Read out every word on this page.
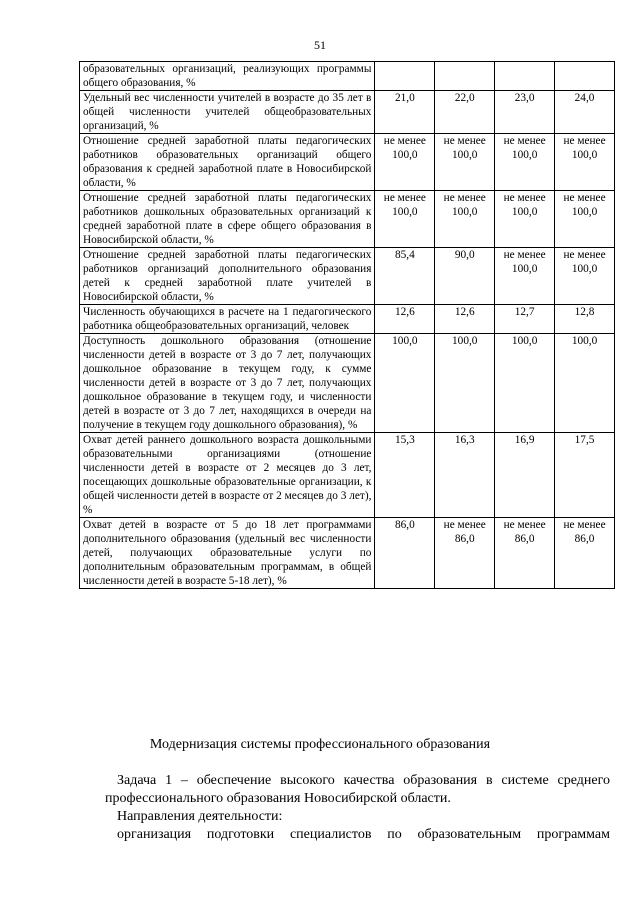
51
образовательных организаций, реализующих программы общего образования, %				
Удельный вес численности учителей в возрасте до 35 лет в общей численности учителей общеобразовательных организаций, %	21,0	22,0	23,0	24,0
Отношение средней заработной платы педагогических работников образовательных организаций общего образования к средней заработной плате в Новосибирской области, %	не менее 100,0	не менее 100,0	не менее 100,0	не менее 100,0
Отношение средней заработной платы педагогических работников дошкольных образовательных организаций к средней заработной плате в сфере общего образования в Новосибирской области, %	не менее 100,0	не менее 100,0	не менее 100,0	не менее 100,0
Отношение средней заработной платы педагогических работников организаций дополнительного образования детей к средней заработной плате учителей в Новосибирской области, %	85,4	90,0	не менее 100,0	не менее 100,0
Численность обучающихся в расчете на 1 педагогического работника общеобразовательных организаций, человек	12,6	12,6	12,7	12,8
Доступность дошкольного образования (отношение численности детей в возрасте от 3 до 7 лет, получающих дошкольное образование в текущем году, к сумме численности детей в возрасте от 3 до 7 лет, получающих дошкольное образование в текущем году, и численности детей в возрасте от 3 до 7 лет, находящихся в очереди на получение в текущем году дошкольного образования), %	100,0	100,0	100,0	100,0
Охват детей раннего дошкольного возраста дошкольными образовательными организациями (отношение численности детей в возрасте от 2 месяцев до 3 лет, посещающих дошкольные образовательные организации, к общей численности детей в возрасте от 2 месяцев до 3 лет), %	15,3	16,3	16,9	17,5
Охват детей в возрасте от 5 до 18 лет программами дополнительного образования (удельный вес численности детей, получающих образовательные услуги по дополнительным образовательным программам, в общей численности детей в возрасте 5-18 лет), %	86,0	не менее 86,0	не менее 86,0	не менее 86,0
Модернизация системы профессионального образования
Задача 1 – обеспечение высокого качества образования в системе среднего
профессионального образования Новосибирской области.
Направления деятельности:
организация подготовки специалистов по образовательным программам
